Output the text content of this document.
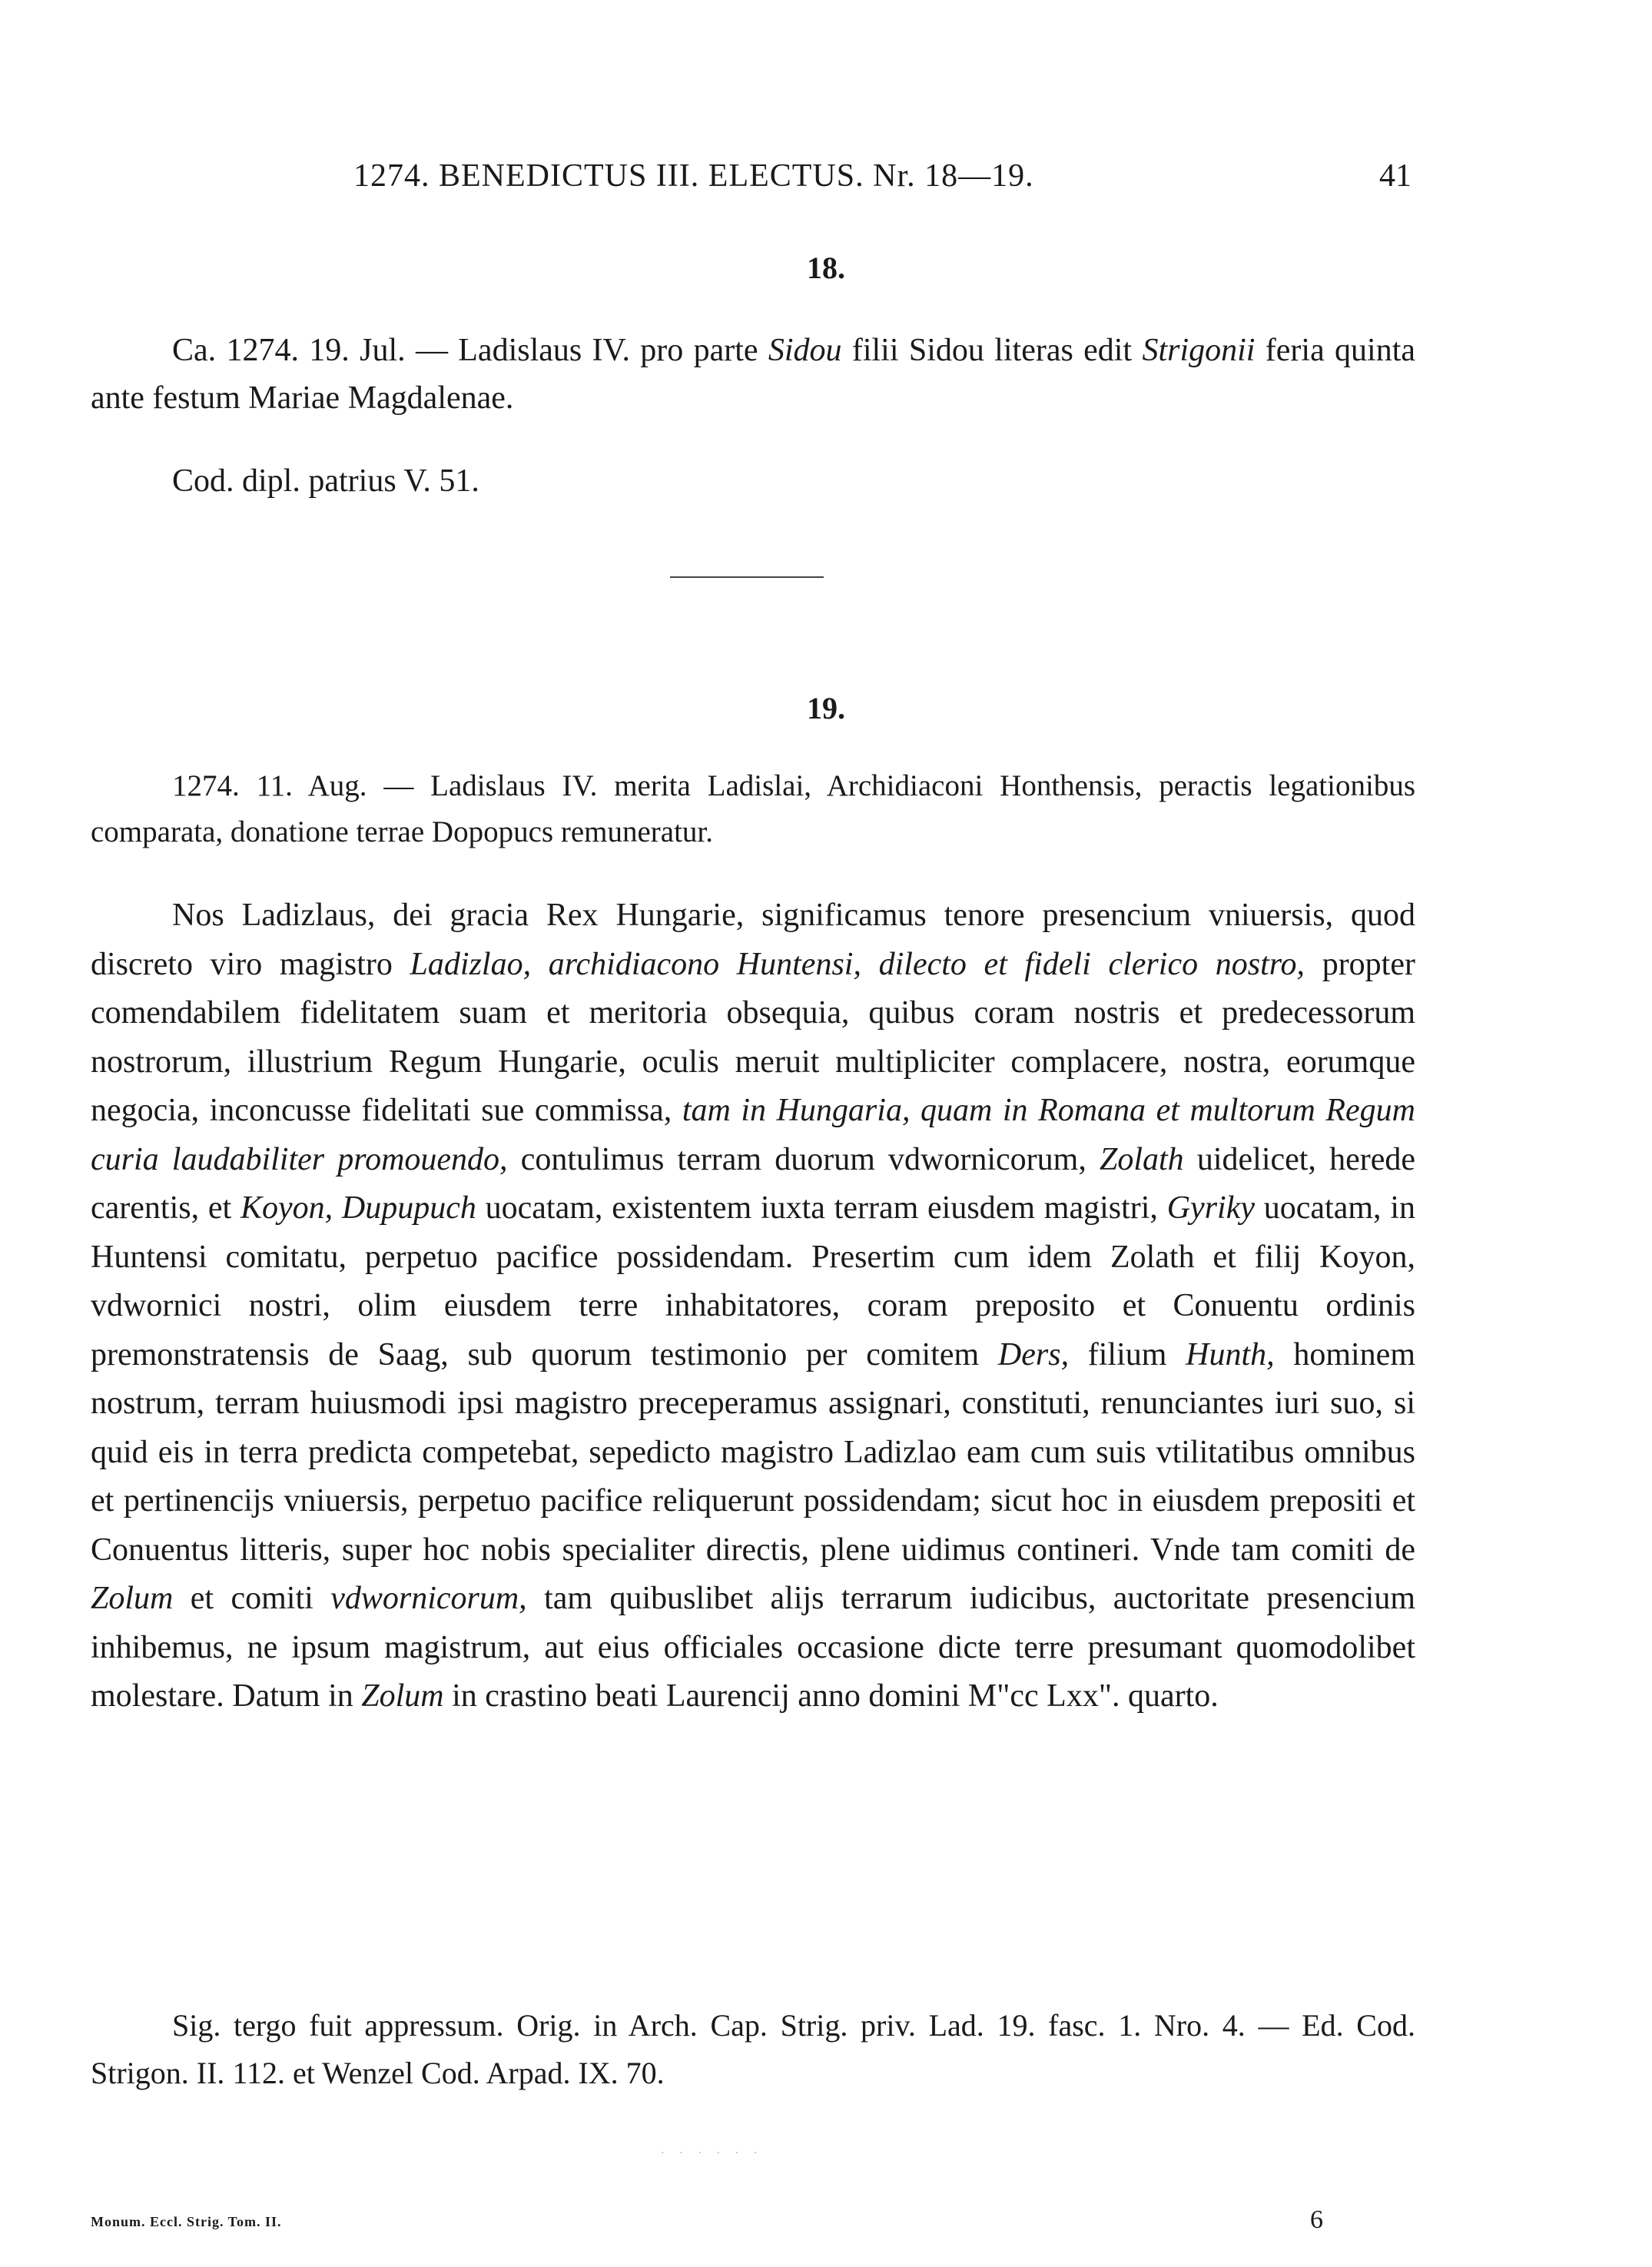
1274. BENEDICTUS III. ELECTUS. Nr. 18—19.	41
18.
Ca. 1274. 19. Jul. — Ladislaus IV. pro parte Sidou filii Sidou literas edit Strigonii feria quinta ante festum Mariae Magdalenae.
Cod. dipl. patrius V. 51.
19.
1274. 11. Aug. — Ladislaus IV. merita Ladislai, Archidiaconi Honthensis, peractis legationibus comparata, donatione terrae Dopopucs remuneratur.
Nos Ladizlaus, dei gracia Rex Hungarie, significamus tenore presencium vniuersis, quod discreto viro magistro Ladizlao, archidiacono Huntensi, dilecto et fideli clerico nostro, propter comendabilem fidelitatem suam et meritoria obsequia, quibus coram nostris et predecessorum nostrorum, illustrium Regum Hungarie, oculis meruit multipliciter complacere, nostra, eorumque negocia, inconcusse fidelitati sue commissa, tam in Hungaria, quam in Romana et multorum Regum curia laudabiliter promouendo, contulimus terram duorum vdwornicorum, Zolath uidelicet, herede carentis, et Koyon, Dupupuch uocatam, existentem iuxta terram eiusdem magistri, Gyriky uocatam, in Huntensi comitatu, perpetuo pacifice possidendam. Presertim cum idem Zolath et filij Koyon, vdwornici nostri, olim eiusdem terre inhabitatores, coram preposito et Conuentu ordinis premonstratensis de Saag, sub quorum testimonio per comitem Ders, filium Hunth, hominem nostrum, terram huiusmodi ipsi magistro preceperamus assignari, constituti, renunciantes iuri suo, si quid eis in terra predicta competebat, sepedicto magistro Ladizlao eam cum suis vtilitatibus omnibus et pertinencijs vniuersis, perpetuo pacifice reliquerunt possidendam; sicut hoc in eiusdem prepositi et Conuentus litteris, super hoc nobis specialiter directis, plene uidimus contineri. Vnde tam comiti de Zolum et comiti vdwornicorum, tam quibuslibet alijs terrarum iudicibus, auctoritate presencium inhibemus, ne ipsum magistrum, aut eius officiales occasione dicte terre presumant quomodolibet molestare. Datum in Zolum in crastino beati Laurencij anno domini M"cc Lxx". quarto.
Sig. tergo fuit appressum. Orig. in Arch. Cap. Strig. priv. Lad. 19. fasc. 1. Nro. 4. — Ed. Cod. Strigon. II. 112. et Wenzel Cod. Arpad. IX. 70.
· · · · · ·
Monum. Eccl. Strig. Tom. II.	6
